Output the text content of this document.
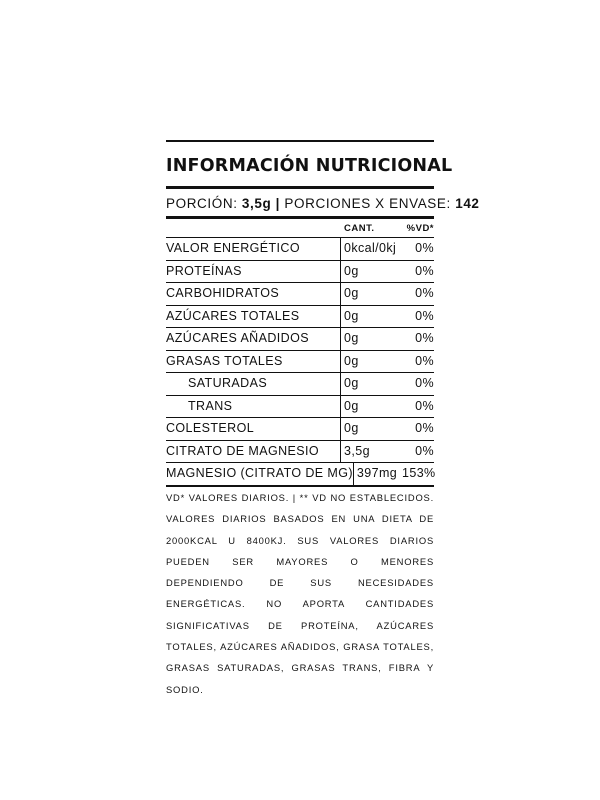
INFORMACIÓN NUTRICIONAL
PORCIÓN: 3,5g | PORCIONES X ENVASE: 142
CANT.	%VD*
VALOR ENERGÉTICO	0kcal/0kj	0%
PROTEÍNAS	0g	0%
CARBOHIDRATOS	0g	0%
AZÚCARES TOTALES	0g	0%
AZÚCARES AÑADIDOS	0g	0%
GRASAS TOTALES	0g	0%
SATURADAS	0g	0%
TRANS	0g	0%
COLESTEROL	0g	0%
CITRATO DE MAGNESIO	3,5g	0%
MAGNESIO (CITRATO DE MG) 397mg 153%
VD* VALORES DIARIOS. | ** VD NO ESTABLECIDOS. VALORES DIARIOS BASADOS EN UNA DIETA DE 2000KCAL U 8400KJ. SUS VALORES DIARIOS PUEDEN SER MAYORES O MENORES DEPENDIENDO DE SUS NECESIDADES ENERGÉTICAS. NO APORTA CANTIDADES SIGNIFICATIVAS DE PROTEÍNA, AZÚCARES TOTALES, AZÚCARES AÑADIDOS, GRASA TOTALES, GRASAS SATURADAS, GRASAS TRANS, FIBRA Y SODIO.
